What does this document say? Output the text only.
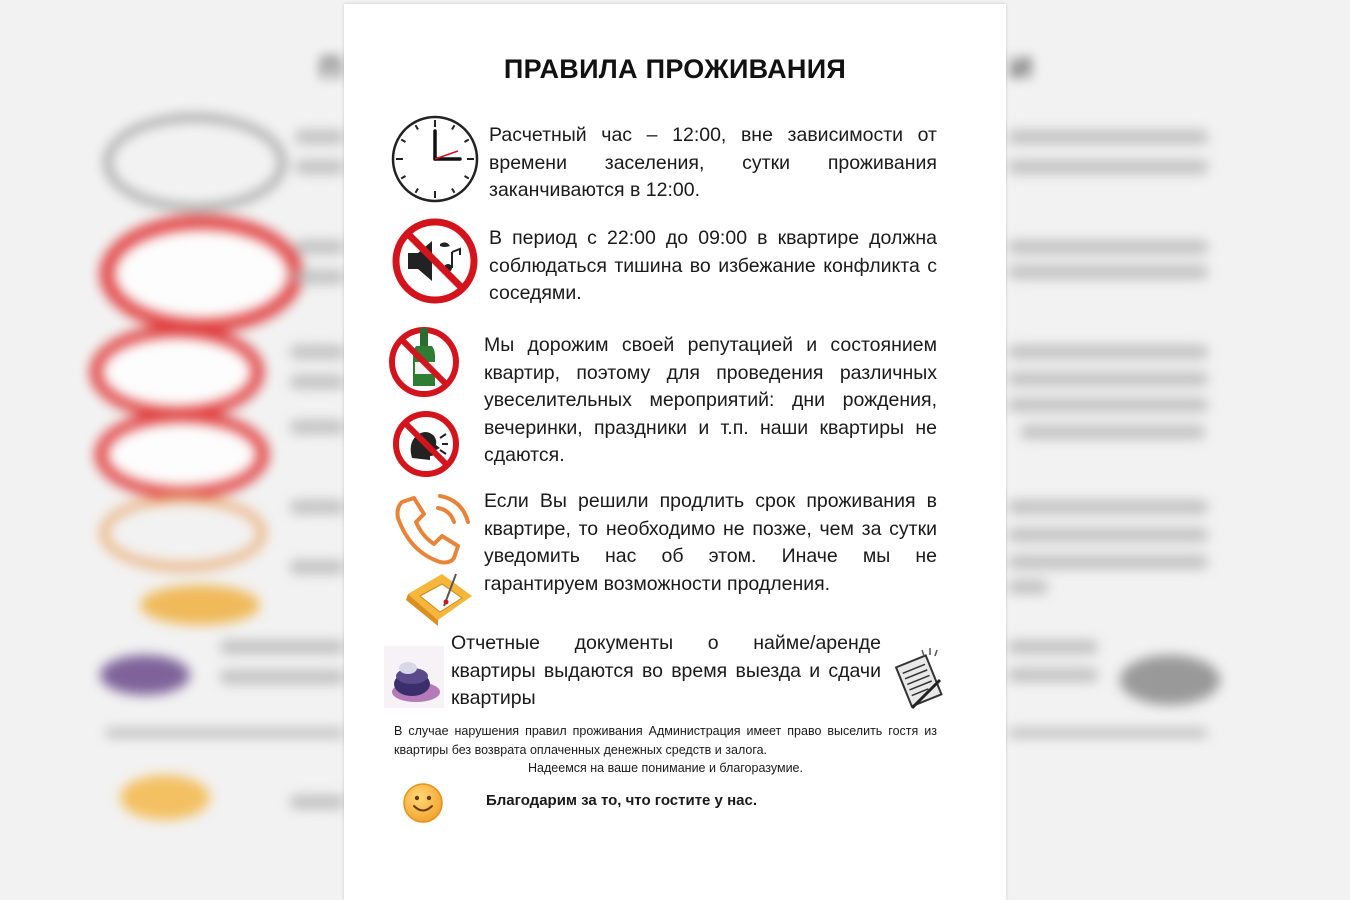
П	И
ПРАВИЛА ПРОЖИВАНИЯ
Расчетный час – 12:00, вне зависимости от времени заселения, сутки проживания заканчиваются в 12:00.
В период с 22:00 до 09:00 в квартире должна соблюдаться тишина во избежание конфликта с соседями.
Мы дорожим своей репутацией и состоянием квартир, поэтому для проведения различных увеселительных мероприятий: дни рождения, вечеринки, праздники и т.п. наши квартиры не сдаются.
Если Вы решили продлить срок проживания в квартире, то необходимо не позже, чем за сутки уведомить нас об этом. Иначе мы не гарантируем возможности продления.
Отчетные документы о найме/аренде квартиры выдаются во время выезда и сдачи квартиры
В случае нарушения правил проживания Администрация имеет право выселить гостя из квартиры без возврата оплаченных денежных средств и залога.
Надеемся на ваше понимание и благоразумие.
Благодарим за то, что гостите у нас.
